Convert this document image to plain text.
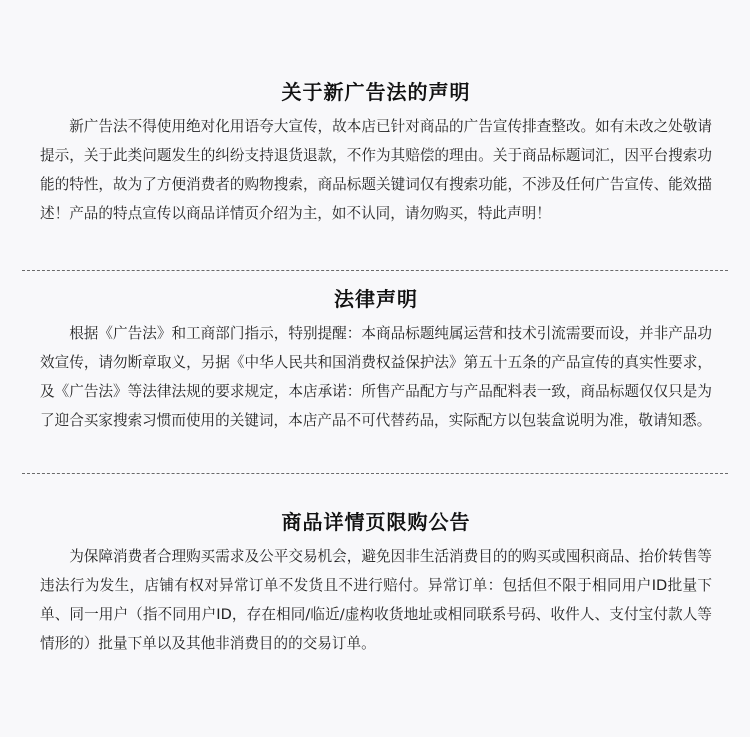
关于新广告法的声明

新广告法不得使用绝对化用语夸大宣传，故本店已针对商品的广告宣传排查整改。如有未改之处敬请提示，关于此类问题发生的纠纷支持退货退款，不作为其赔偿的理由。关于商品标题词汇，因平台搜索功能的特性，故为了方便消费者的购物搜索，商品标题关键词仅有搜索功能，不涉及任何广告宣传、能效描述！产品的特点宣传以商品详情页介绍为主，如不认同，请勿购买，特此声明！

法律声明

根据《广告法》和工商部门指示，特别提醒：本商品标题纯属运营和技术引流需要而设，并非产品功效宣传，请勿断章取义，另据《中华人民共和国消费权益保护法》第五十五条的产品宣传的真实性要求，及《广告法》等法律法规的要求规定，本店承诺：所售产品配方与产品配料表一致，商品标题仅仅只是为了迎合买家搜索习惯而使用的关键词，本店产品不可代替药品，实际配方以包装盒说明为准，敬请知悉。

商品详情页限购公告

为保障消费者合理购买需求及公平交易机会，避免因非生活消费目的的购买或囤积商品、抬价转售等违法行为发生，店铺有权对异常订单不发货且不进行赔付。异常订单：包括但不限于相同用户ID批量下单、同一用户（指不同用户ID，存在相同/临近/虚构收货地址或相同联系号码、收件人、支付宝付款人等情形的）批量下单以及其他非消费目的的交易订单。
